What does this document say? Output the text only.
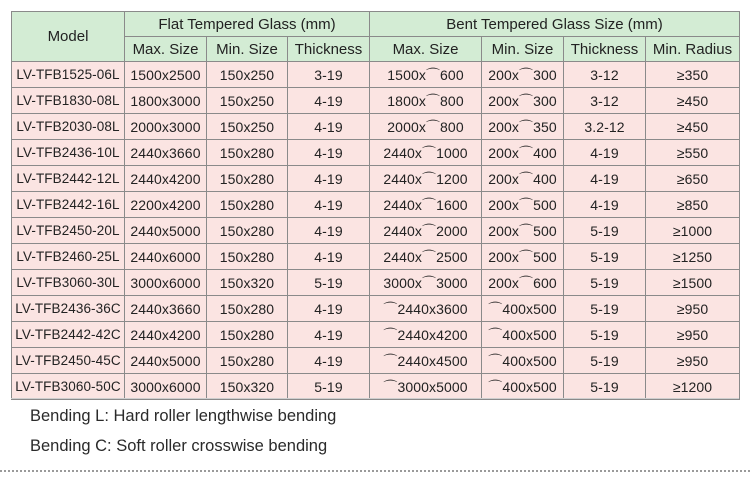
Model	Flat Tempered Glass (mm)			Bent Tempered Glass Size (mm)			
	Max. Size	Min. Size	Thickness	Max. Size	Min. Size	Thickness	Min. Radius
LV-TFB1525-06L	1500x2500	150x250	3-19	1500x⌒600	200x⌒300	3-12	≥350
LV-TFB1830-08L	1800x3000	150x250	4-19	1800x⌒800	200x⌒300	3-12	≥450
LV-TFB2030-08L	2000x3000	150x250	4-19	2000x⌒800	200x⌒350	3.2-12	≥450
LV-TFB2436-10L	2440x3660	150x280	4-19	2440x⌒1000	200x⌒400	4-19	≥550
LV-TFB2442-12L	2440x4200	150x280	4-19	2440x⌒1200	200x⌒400	4-19	≥650
LV-TFB2442-16L	2200x4200	150x280	4-19	2440x⌒1600	200x⌒500	4-19	≥850
LV-TFB2450-20L	2440x5000	150x280	4-19	2440x⌒2000	200x⌒500	5-19	≥1000
LV-TFB2460-25L	2440x6000	150x280	4-19	2440x⌒2500	200x⌒500	5-19	≥1250
LV-TFB3060-30L	3000x6000	150x320	5-19	3000x⌒3000	200x⌒600	5-19	≥1500
LV-TFB2436-36C	2440x3660	150x280	4-19	⌒2440x3600	⌒400x500	5-19	≥950
LV-TFB2442-42C	2440x4200	150x280	4-19	⌒2440x4200	⌒400x500	5-19	≥950
LV-TFB2450-45C	2440x5000	150x280	4-19	⌒2440x4500	⌒400x500	5-19	≥950
LV-TFB3060-50C	3000x6000	150x320	5-19	⌒3000x5000	⌒400x500	5-19	≥1200
Bending L: Hard roller lengthwise bending
Bending C: Soft roller crosswise bending
